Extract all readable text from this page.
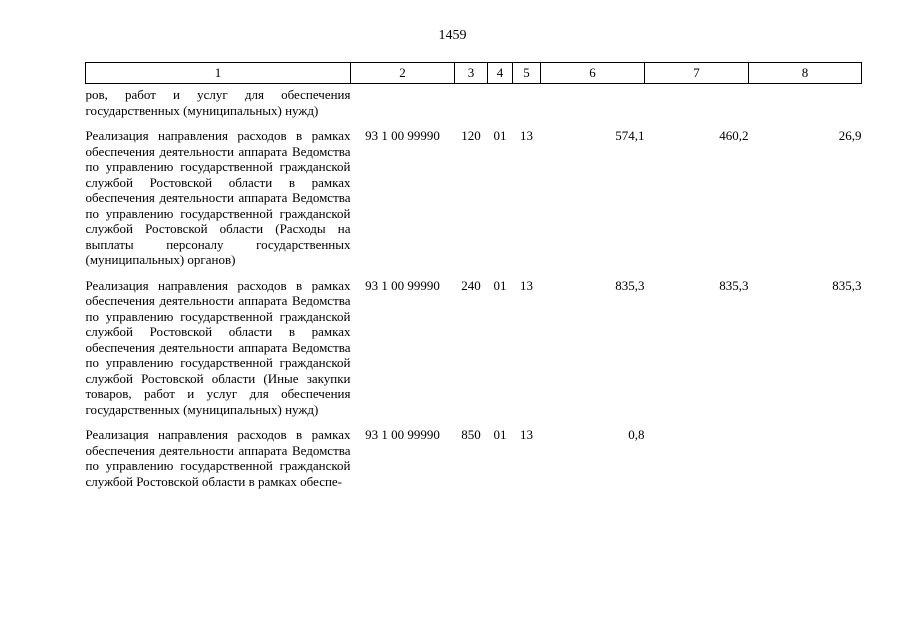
1459
1	2	3	4	5	6	7	8
ров, работ и услуг для обеспечения государственных (муниципальных) нужд)							
Реализация направления расходов в рамках обеспечения деятельности аппарата Ведомства по управлению государственной гражданской службой Ростовской области в рамках обеспечения деятельности аппарата Ведомства по управлению государственной гражданской службой Ростовской области (Расходы на выплаты персоналу государственных (муниципальных) органов)	93 1 00 99990	120	01	13	574,1	460,2	26,9
Реализация направления расходов в рамках обеспечения деятельности аппарата Ведомства по управлению государственной гражданской службой Ростовской области в рамках обеспечения деятельности аппарата Ведомства по управлению государственной гражданской службой Ростовской области (Иные закупки товаров, работ и услуг для обеспечения государственных (муниципальных) нужд)	93 1 00 99990	240	01	13	835,3	835,3	835,3
Реализация направления расходов в рамках обеспечения деятельности аппарата Ведомства по управлению государственной гражданской службой Ростовской области в рамках обеспе-	93 1 00 99990	850	01	13	0,8		
